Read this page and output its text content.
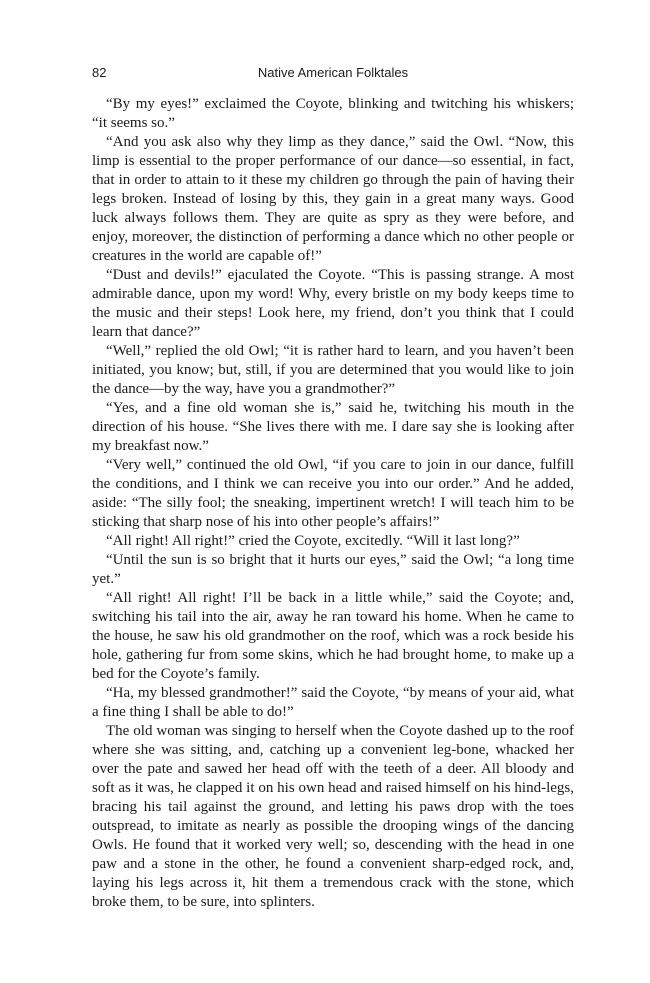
82	Native American Folktales

“By my eyes!” exclaimed the Coyote, blinking and twitching his whiskers; “it seems so.”

“And you ask also why they limp as they dance,” said the Owl. “Now, this limp is essential to the proper performance of our dance—so essential, in fact, that in order to attain to it these my children go through the pain of having their legs broken. Instead of losing by this, they gain in a great many ways. Good luck always follows them. They are quite as spry as they were before, and enjoy, moreover, the distinction of performing a dance which no other people or creatures in the world are capable of!”

“Dust and devils!” ejaculated the Coyote. “This is passing strange. A most admirable dance, upon my word! Why, every bristle on my body keeps time to the music and their steps! Look here, my friend, don’t you think that I could learn that dance?”

“Well,” replied the old Owl; “it is rather hard to learn, and you haven’t been initiated, you know; but, still, if you are determined that you would like to join the dance—by the way, have you a grandmother?”

“Yes, and a fine old woman she is,” said he, twitching his mouth in the direction of his house. “She lives there with me. I dare say she is looking after my breakfast now.”

“Very well,” continued the old Owl, “if you care to join in our dance, fulfill the conditions, and I think we can receive you into our order.” And he added, aside: “The silly fool; the sneaking, impertinent wretch! I will teach him to be sticking that sharp nose of his into other people’s affairs!”

“All right! All right!” cried the Coyote, excitedly. “Will it last long?”

“Until the sun is so bright that it hurts our eyes,” said the Owl; “a long time yet.”

“All right! All right! I’ll be back in a little while,” said the Coyote; and, switching his tail into the air, away he ran toward his home. When he came to the house, he saw his old grandmother on the roof, which was a rock beside his hole, gathering fur from some skins, which he had brought home, to make up a bed for the Coyote’s family.

“Ha, my blessed grandmother!” said the Coyote, “by means of your aid, what a fine thing I shall be able to do!”

The old woman was singing to herself when the Coyote dashed up to the roof where she was sitting, and, catching up a convenient leg-bone, whacked her over the pate and sawed her head off with the teeth of a deer. All bloody and soft as it was, he clapped it on his own head and raised himself on his hind-legs, bracing his tail against the ground, and letting his paws drop with the toes outspread, to imitate as nearly as possible the drooping wings of the dancing Owls. He found that it worked very well; so, descending with the head in one paw and a stone in the other, he found a convenient sharp-edged rock, and, laying his legs across it, hit them a tremendous crack with the stone, which broke them, to be sure, into splinters.
